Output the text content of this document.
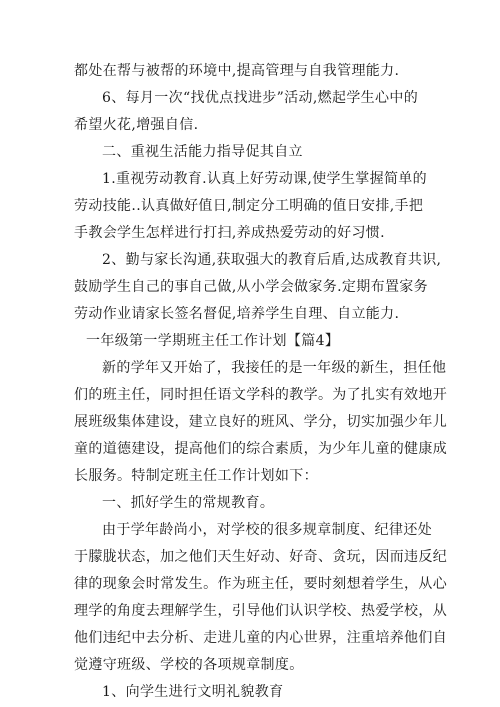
都处在帮与被帮的环境中,提高管理与自我管理能力.
6、每月一次“找优点找进步”活动,燃起学生心中的
希望火花,增强自信.
二、重视生活能力指导促其自立
1.重视劳动教育.认真上好劳动课,使学生掌握简单的
劳动技能..认真做好值日,制定分工明确的值日安排,手把
手教会学生怎样进行打扫,养成热爱劳动的好习惯.
2、勤与家长沟通,获取强大的教育后盾,达成教育共识,
鼓励学生自己的事自己做,从小学会做家务.定期布置家务
劳动作业请家长签名督促,培养学生自理、自立能力.
一年级第一学期班主任工作计划【篇4】
新的学年又开始了，我接任的是一年级的新生，担任他
们的班主任，同时担任语文学科的教学。为了扎实有效地开
展班级集体建设，建立良好的班风、学分，切实加强少年儿
童的道德建设，提高他们的综合素质，为少年儿童的健康成
长服务。特制定班主任工作计划如下：
一、抓好学生的常规教育。
由于学年龄尚小，对学校的很多规章制度、纪律还处
于朦胧状态，加之他们天生好动、好奇、贪玩，因而违反纪
律的现象会时常发生。作为班主任，要时刻想着学生，从心
理学的角度去理解学生，引导他们认识学校、热爱学校，从
他们违纪中去分析、走进儿童的内心世界，注重培养他们自
觉遵守班级、学校的各项规章制度。
1、向学生进行文明礼貌教育
